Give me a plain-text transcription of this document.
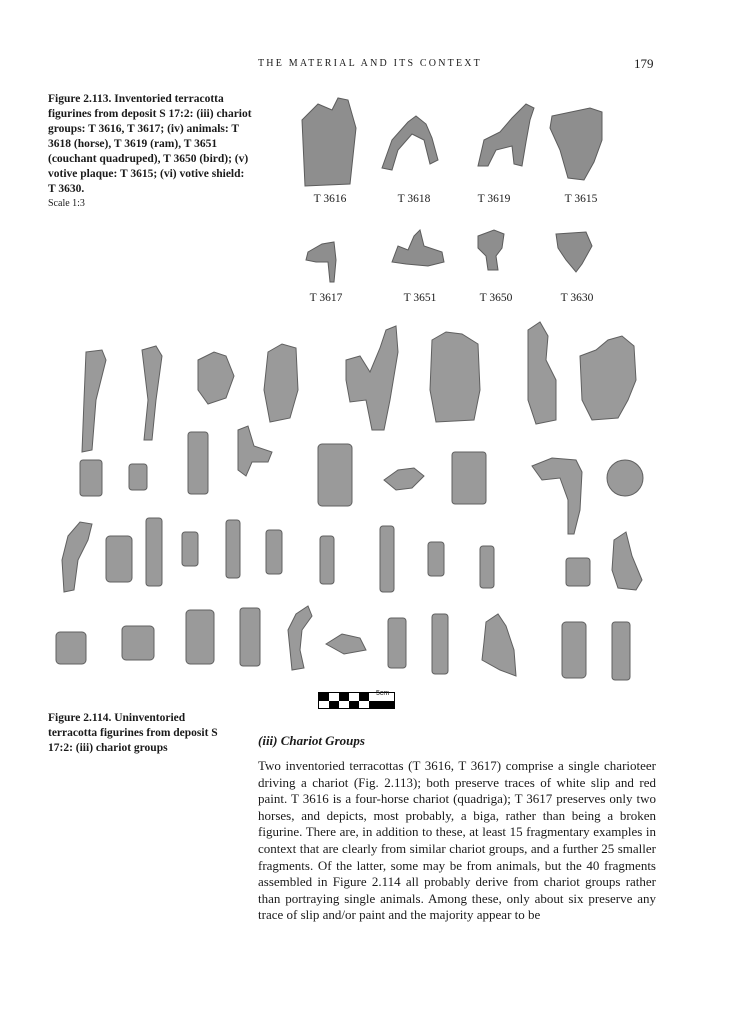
THE MATERIAL AND ITS CONTEXT	179
Figure 2.113. Inventoried terracotta figurines from deposit S 17:2: (iii) chariot groups: T 3616, T 3617; (iv) animals: T 3618 (horse), T 3619 (ram), T 3651 (couchant quadruped), T 3650 (bird); (v) votive plaque: T 3615; (vi) votive shield: T 3630.
Scale 1:3	T 3616	T 3618	T 3619	T 3615
T 3617	T 3651	T 3650	T 3630
5cm
Figure 2.114. Uninventoried terracotta figurines from deposit S 17:2: (iii) chariot groups	(iii) Chariot Groups

Two inventoried terracottas (T 3616, T 3617) comprise a single charioteer driving a chariot (Fig. 2.113); both preserve traces of white slip and red paint. T 3616 is a four-horse chariot (quadriga); T 3617 preserves only two horses, and depicts, most probably, a biga, rather than being a broken figurine. There are, in addition to these, at least 15 fragmentary examples in context that are clearly from similar chariot groups, and a further 25 smaller fragments. Of the latter, some may be from animals, but the 40 fragments assembled in Figure 2.114 all probably derive from chariot groups rather than portraying single animals. Among these, only about six preserve any trace of slip and/or paint and the majority appear to be
